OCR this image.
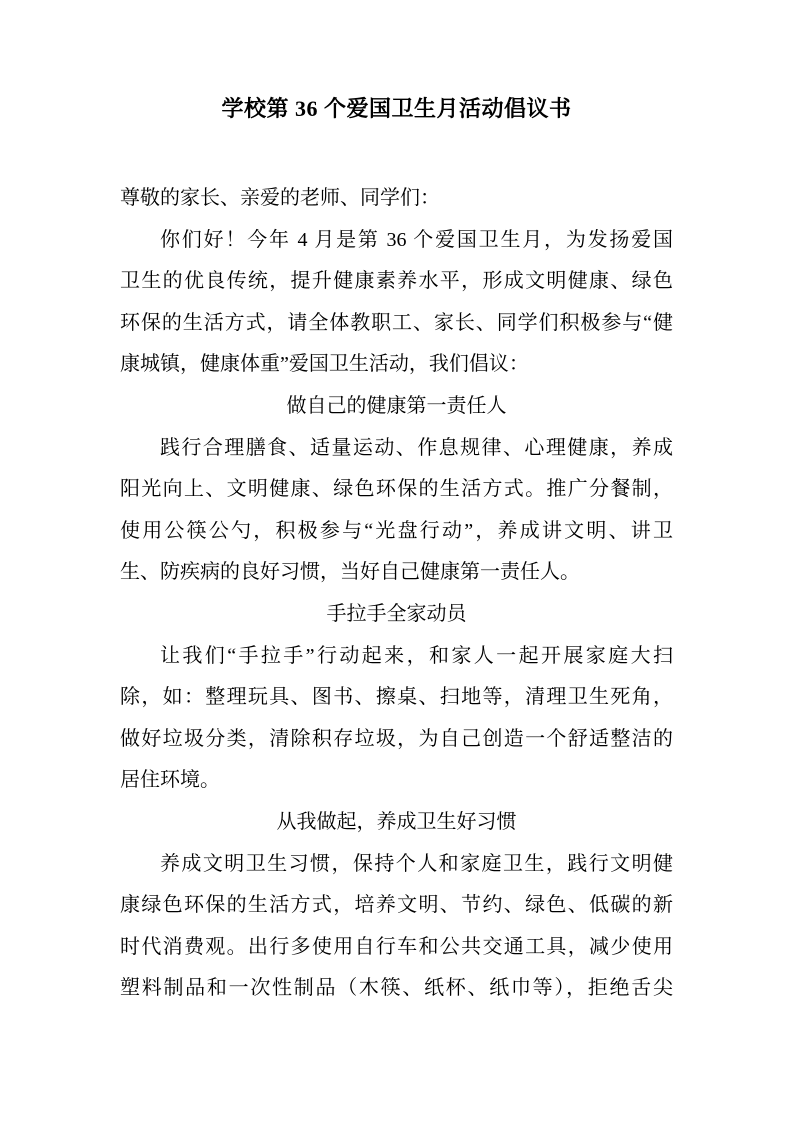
学校第 36 个爱国卫生月活动倡议书

尊敬的家长、亲爱的老师、同学们：

你们好！今年 4 月是第 36 个爱国卫生月，为发扬爱国
卫生的优良传统，提升健康素养水平，形成文明健康、绿色
环保的生活方式，请全体教职工、家长、同学们积极参与“健
康城镇，健康体重”爱国卫生活动，我们倡议：
做自己的健康第一责任人
践行合理膳食、适量运动、作息规律、心理健康，养成
阳光向上、文明健康、绿色环保的生活方式。推广分餐制，
使用公筷公勺，积极参与“光盘行动”，养成讲文明、讲卫
生、防疾病的良好习惯，当好自己健康第一责任人。
手拉手全家动员
让我们“手拉手”行动起来，和家人一起开展家庭大扫
除，如：整理玩具、图书、擦桌、扫地等，清理卫生死角，
做好垃圾分类，清除积存垃圾，为自己创造一个舒适整洁的
居住环境。
从我做起，养成卫生好习惯
养成文明卫生习惯，保持个人和家庭卫生，践行文明健
康绿色环保的生活方式，培养文明、节约、绿色、低碳的新
时代消费观。出行多使用自行车和公共交通工具，减少使用
塑料制品和一次性制品（木筷、纸杯、纸巾等），拒绝舌尖
